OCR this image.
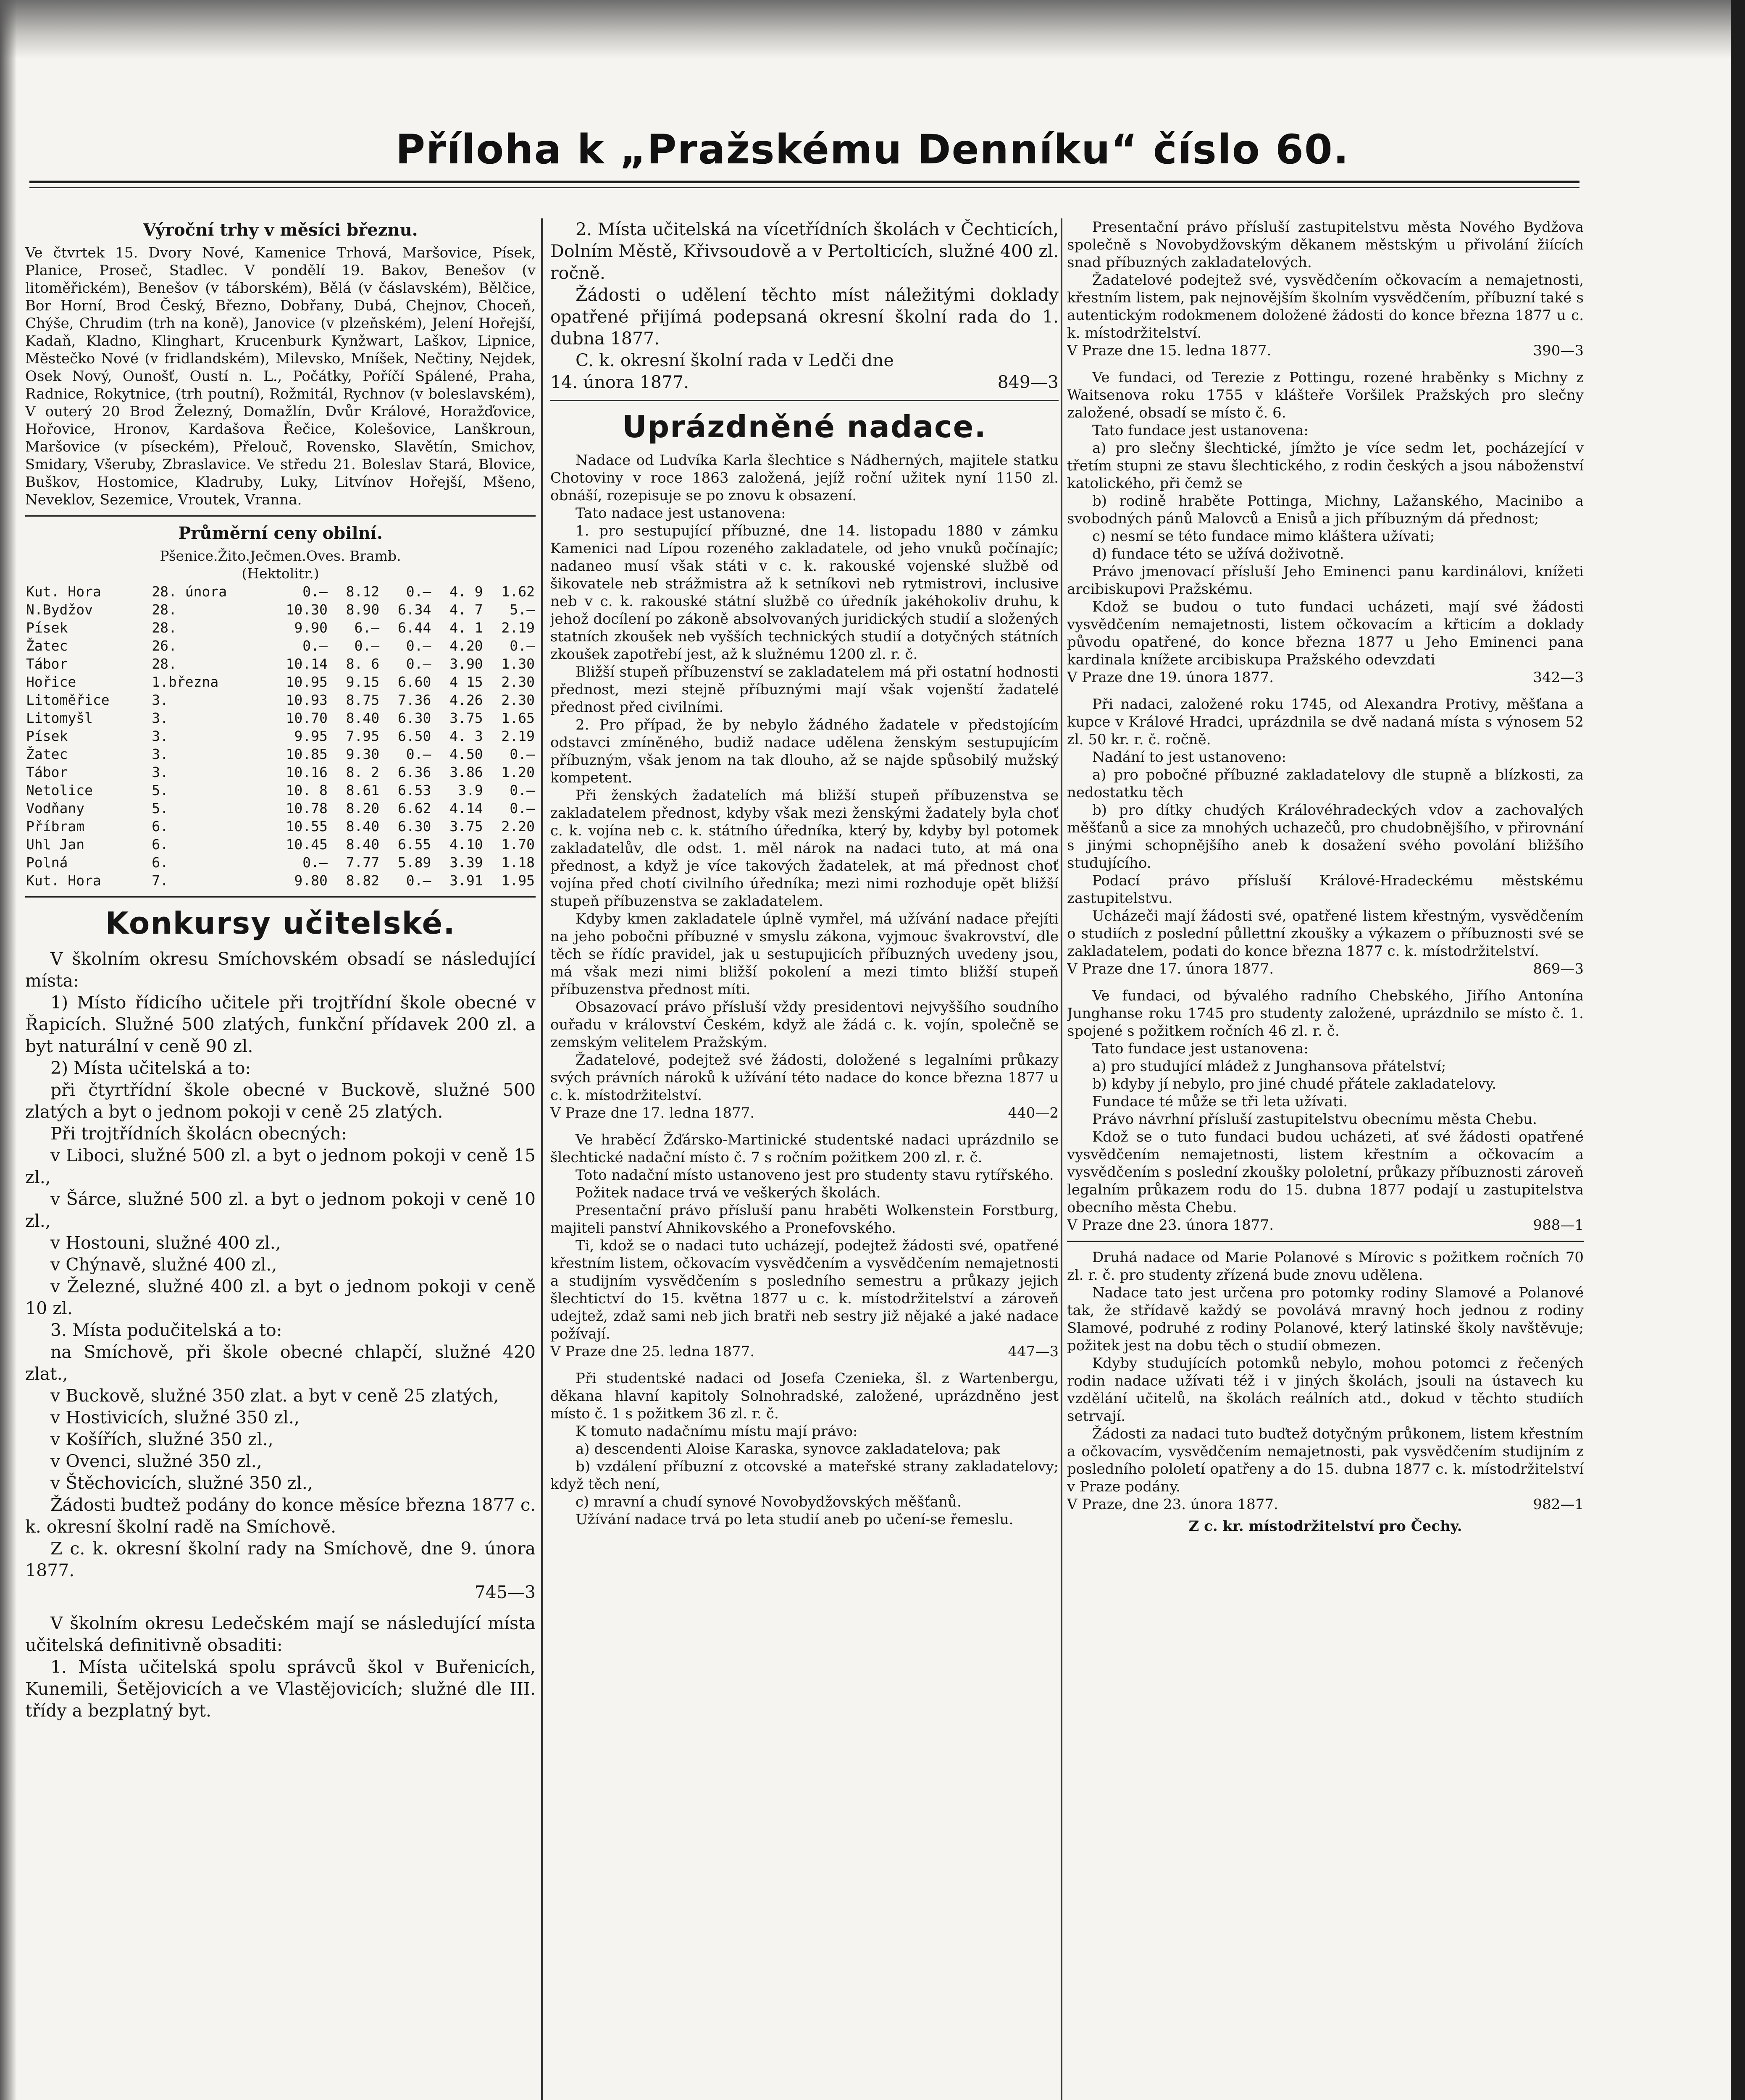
Příloha k „Pražskému Denníku“ číslo 60.
Výroční trhy v měsíci březnu.

Ve čtvrtek 15. Dvory Nové, Kamenice Trhová, Maršovice, Písek, Planice, Proseč, Stadlec. V pondělí 19. Bakov, Benešov (v litoměřickém), Benešov (v táborském), Bělá (v čáslavském), Bělčice, Bor Horní, Brod Český, Březno, Dobřany, Dubá, Chejnov, Choceň, Chýše, Chrudim (trh na koně), Janovice (v plzeňském), Jelení Hořejší, Kadaň, Kladno, Klinghart, Krucenburk Kynžwart, Laškov, Lipnice, Městečko Nové (v fridlandském), Milevsko, Mníšek, Nečtiny, Nejdek, Osek Nový, Ounošť, Oustí n. L., Počátky, Poříčí Spálené, Praha, Radnice, Rokytnice, (trh poutní), Rožmitál, Rychnov (v boleslavském), V outerý 20 Brod Železný, Domažlín, Dvůr Králové, Horažďovice, Hořovice, Hronov, Kardašova Řečice, Kolešovice, Lanškroun, Maršovice (v píseckém), Přelouč, Rovensko, Slavětín, Smichov, Smidary, Všeruby, Zbraslavice. Ve středu 21. Boleslav Stará, Blovice, Buškov, Hostomice, Kladruby, Luky, Litvínov Hořejší, Mšeno, Neveklov, Sezemice, Vroutek, Vranna.

Průměrní ceny obilní.
Pšenice.Žito.Ječmen.Oves. Bramb.
(Hektolitr.)
Kut. Hora	28. února	0.—	8.12	0.—	4. 9	1.62
N.Bydžov	28.	10.30	8.90	6.34	4. 7	5.—
Písek	28.	9.90	6.—	6.44	4. 1	2.19
Žatec	26.	0.—	0.—	0.—	4.20	0.—
Tábor	28.	10.14	8. 6	0.—	3.90	1.30
Hořice	1.března	10.95	9.15	6.60	4 15	2.30
Litoměřice	3.	10.93	8.75	7.36	4.26	2.30
Litomyšl	3.	10.70	8.40	6.30	3.75	1.65
Písek	3.	9.95	7.95	6.50	4. 3	2.19
Žatec	3.	10.85	9.30	0.—	4.50	0.—
Tábor	3.	10.16	8. 2	6.36	3.86	1.20
Netolice	5.	10. 8	8.61	6.53	3.9	0.—
Vodňany	5.	10.78	8.20	6.62	4.14	0.—
Příbram	6.	10.55	8.40	6.30	3.75	2.20
Uhl Jan	6.	10.45	8.40	6.55	4.10	1.70
Polná	6.	0.—	7.77	5.89	3.39	1.18
Kut. Hora	7.	9.80	8.82	0.—	3.91	1.95
Konkursy učitelské.

V školním okresu Smíchovském obsadí se následující místa:

1) Místo řídicího učitele při trojtřídní škole obecné v Řapicích. Služné 500 zlatých, funkční přídavek 200 zl. a byt naturální v ceně 90 zl.

2) Místa učitelská a to:

při čtyrtřídní škole obecné v Buckově, služné 500 zlatých a byt o jednom pokoji v ceně 25 zlatých.

Při trojtřídních školácn obecných:

v Liboci, služné 500 zl. a byt o jednom pokoji v ceně 15 zl.,

v Šárce, služné 500 zl. a byt o jednom pokoji v ceně 10 zl.,

v Hostouni, služné 400 zl.,

v Chýnavě, služné 400 zl.,

v Železné, služné 400 zl. a byt o jednom pokoji v ceně 10 zl.

3. Místa podučitelská a to:

na Smíchově, při škole obecné chlapčí, služné 420 zlat.,

v Buckově, služné 350 zlat. a byt v ceně 25 zlatých,

v Hostivicích, služné 350 zl.,

v Košířích, služné 350 zl.,

v Ovenci, služné 350 zl.,

v Štěchovicích, služné 350 zl.,

Žádosti budtež podány do konce měsíce března 1877 c. k. okresní školní radě na Smíchově.

Z c. k. okresní školní rady na Smíchově, dne 9. února 1877.

745—3

V školním okresu Ledečském mají se následující místa učitelská definitivně obsaditi:

1. Místa učitelská spolu správců škol v Buřenicích, Kunemili, Šetějovicích a ve Vlastějovicích; služné dle III. třídy a bezplatný byt.

2. Místa učitelská na vícetřídních školách v Čechticích, Dolním Městě, Křivsoudově a v Pertolticích, služné 400 zl. ročně.

Žádosti o udělení těchto míst náležitými doklady opatřené přijímá podepsaná okresní školní rada do 1. dubna 1877.

C. k. okresní školní rada v Ledči dne

14. února 1877.	849—3
Uprázdněné nadace.

Nadace od Ludvíka Karla šlechtice s Nádherných, majitele statku Chotoviny v roce 1863 založená, jejíž roční užitek nyní 1150 zl. obnáší, rozepisuje se po znovu k obsazení.

Tato nadace jest ustanovena:

1. pro sestupující příbuzné, dne 14. listopadu 1880 v zámku Kamenici nad Lípou rozeného zakladatele, od jeho vnuků počínajíc; nadaneo musí však státi v c. k. rakouské vojenské službě od šikovatele neb strážmistra až k setníkovi neb rytmistrovi, inclusive neb v c. k. rakouské státní službě co úředník jakéhokoliv druhu, k jehož docílení po zákoně absolvovaných juridických studií a složených statních zkoušek neb vyšších technických studií a dotyčných státních zkoušek zapotřebí jest, až k služnému 1200 zl. r. č.

Bližší stupeň příbuzenství se zakladatelem má při ostatní hodnosti přednost, mezi stejně příbuznými mají však vojenští žadatelé přednost před civilními.

2. Pro případ, že by nebylo žádného žadatele v předstojícím odstavci zmíněného, budiž nadace udělena ženským sestupujícím příbuzným, však jenom na tak dlouho, až se najde spůsobilý mužský kompetent.

Při ženských žadatelích má bližší stupeň příbuzenstva se zakladatelem přednost, kdyby však mezi ženskými žadately byla choť c. k. vojína neb c. k. státního úředníka, který by, kdyby byl potomek zakladatelův, dle odst. 1. měl nárok na nadaci tuto, at má ona přednost, a když je více takových žadatelek, at má přednost choť vojína před chotí civilního úředníka; mezi nimi rozhoduje opět bližší stupeň příbuzenstva se zakladatelem.

Kdyby kmen zakladatele úplně vymřel, má užívání nadace přejíti na jeho pobočni příbuzné v smyslu zákona, vyjmouc švakrovství, dle těch se řídíc pravidel, jak u sestupujicích příbuzných uvedeny jsou, má však mezi nimi bližší pokolení a mezi timto bližší stupeň příbuzenstva přednost míti.

Obsazovací právo přísluší vždy presidentovi nejvyššího soudního ouřadu v království Českém, když ale žádá c. k. vojín, společně se zemským velitelem Pražským.

Žadatelové, podejtež své žádosti, doložené s legalními průkazy svých právních nároků k užívání této nadace do konce března 1877 u c. k. místodržitelství.

V Praze dne 17. ledna 1877.	440—2

Ve hraběcí Žďársko-Martinické studentské nadaci uprázdnilo se šlechtické nadační místo č. 7 s ročním požitkem 200 zl. r. č.

Toto nadační místo ustanoveno jest pro studenty stavu rytířského.

Požitek nadace trvá ve veškerých školách.

Presentační právo přísluší panu hraběti Wolkenstein Forstburg, majiteli panství Ahnikovského a Pronefovského.

Ti, kdož se o nadaci tuto ucházejí, podejtež žádosti své, opatřené křestním listem, očkovacím vysvědčením a vysvědčením nemajetnosti a studijním vysvědčením s posledního semestru a průkazy jejich šlechtictví do 15. května 1877 u c. k. místodržitelství a zároveň udejtež, zdaž sami neb jich bratři neb sestry již nějaké a jaké nadace požívají.

V Praze dne 25. ledna 1877.	447—3

Při studentské nadaci od Josefa Czenieka, šl. z Wartenbergu, děkana hlavní kapitoly Solnohradské, založené, uprázdněno jest místo č. 1 s požitkem 36 zl. r. č.

K tomuto nadačnímu místu mají právo:

a) descendenti Aloise Karaska, synovce zakladatelova; pak

b) vzdálení příbuzní z otcovské a mateřské strany zakladatelovy; když těch není,

c) mravní a chudí synové Novobydžovských měšťanů.

Užívání nadace trvá po leta studií aneb po učení-se řemeslu.

Presentační právo přísluší zastupitelstvu města Nového Bydžova společně s Novobydžovským děkanem městským u přivolání žiících snad příbuzných zakladatelových.

Žadatelové podejtež své, vysvědčením očkovacím a nemajetnosti, křestním listem, pak nejnovějším školním vysvědčením, příbuzní také s autentickým rodokmenem doložené žádosti do konce března 1877 u c. k. místodržitelství.

V Praze dne 15. ledna 1877.	390—3

Ve fundaci, od Terezie z Pottingu, rozené hraběnky s Michny z Waitsenova roku 1755 v klášteře Voršilek Pražských pro slečny založené, obsadí se místo č. 6.

Tato fundace jest ustanovena:

a) pro slečny šlechtické, jímžto je více sedm let, pocházející v třetím stupni ze stavu šlechtického, z rodin českých a jsou náboženství katolického, při čemž se

b) rodině hraběte Pottinga, Michny, Lažanského, Macinibo a svobodných pánů Malovců a Enisů a jich příbuzným dá přednost;

c) nesmí se této fundace mimo kláštera užívati;

d) fundace této se užívá doživotně.

Právo jmenovací přísluší Jeho Eminenci panu kardinálovi, knížeti arcibiskupovi Pražskému.

Kdož se budou o tuto fundaci ucházeti, mají své žádosti vysvědčením nemajetnosti, listem očkovacím a křticím a doklady původu opatřené, do konce března 1877 u Jeho Eminenci pana kardinala knížete arcibiskupa Pražského odevzdati

V Praze dne 19. února 1877.	342—3

Při nadaci, založené roku 1745, od Alexandra Protivy, měšťana a kupce v Králové Hradci, uprázdnila se dvě nadaná místa s výnosem 52 zl. 50 kr. r. č. ročně.

Nadání to jest ustanoveno:

a) pro pobočné příbuzné zakladatelovy dle stupně a blízkosti, za nedostatku těch

b) pro dítky chudých Královéhradeckých vdov a zachovalých měšťanů a sice za mnohých uchazečů, pro chudobnějšího, v přirovnání s jinými schopnějšího aneb k dosažení svého povolání bližšího studujícího.

Podací právo přísluší Králové-Hradeckému městskému zastupitelstvu.

Ucházeči mají žádosti své, opatřené listem křestným, vysvědčením o studiích z poslední půllettní zkoušky a výkazem o příbuznosti své se zakladatelem, podati do konce března 1877 c. k. místodržitelství.

V Praze dne 17. února 1877.	869—3

Ve fundaci, od bývalého radního Chebského, Jiřího Antonína Junghanse roku 1745 pro studenty založené, uprázdnilo se místo č. 1. spojené s požitkem ročních 46 zl. r. č.

Tato fundace jest ustanovena:

a) pro studující mládež z Junghansova přátelství;

b) kdyby jí nebylo, pro jiné chudé přátele zakladatelovy.

Fundace té může se tři leta užívati.

Právo návrhní přísluší zastupitelstvu obecnímu města Chebu.

Kdož se o tuto fundaci budou ucházeti, ať své žádosti opatřené vysvědčením nemajetnosti, listem křestním a očkovacím a vysvědčením s poslední zkoušky pololetní, průkazy příbuznosti zároveň legalním průkazem rodu do 15. dubna 1877 podají u zastupitelstva obecního města Chebu.

V Praze dne 23. února 1877.	988—1

Druhá nadace od Marie Polanové s Mírovic s požitkem ročních 70 zl. r. č. pro studenty zřízená bude znovu udělena.

Nadace tato jest určena pro potomky rodiny Slamové a Polanové tak, že střídavě každý se povolává mravný hoch jednou z rodiny Slamové, podruhé z rodiny Polanové, který latinské školy navštěvuje; požitek jest na dobu těch o studií obmezen.

Kdyby studujících potomků nebylo, mohou potomci z řečených rodin nadace užívati též i v jiných školách, jsouli na ústavech ku vzdělání učitelů, na školách reálních atd., dokud v těchto studiích setrvají.

Žádosti za nadaci tuto buďtež dotyčným průkonem, listem křestním a očkovacím, vysvědčením nemajetnosti, pak vysvědčením studijním z posledního pololetí opatřeny a do 15. dubna 1877 c. k. místodržitelství v Praze podány.

V Praze, dne 23. února 1877.	982—1
Z c. kr. místodržitelství pro Čechy.
